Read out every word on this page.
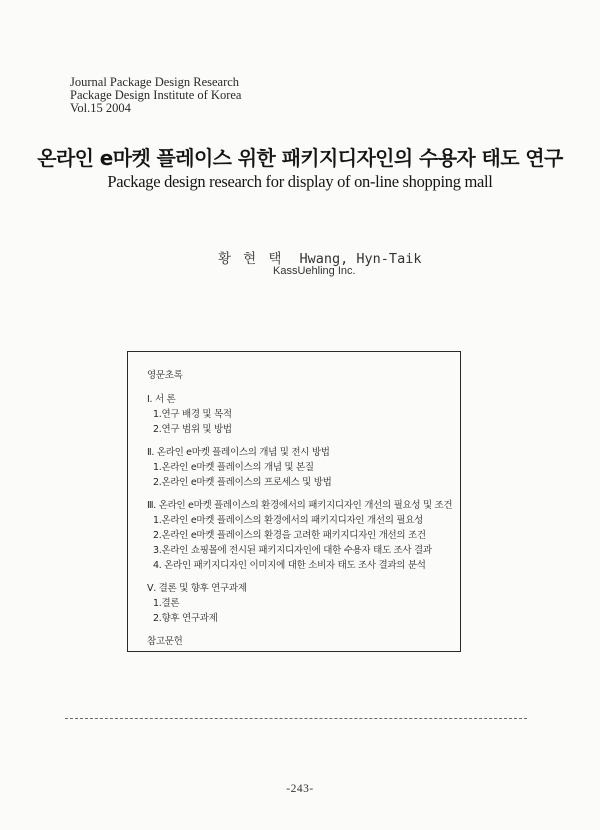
Journal Package Design Research
Package Design Institute of Korea
Vol.15 2004
온라인 e마켓 플레이스 위한 패키지디자인의 수용자 태도 연구
Package design research for display of on-line shopping mall
황 현 택 Hwang, Hyn-Taik
KassUehling Inc.
영문초록
Ⅰ. 서 론
1.연구 배경 및 목적
2.연구 범위 및 방법
Ⅱ. 온라인 e마켓 플레이스의 개념 및 전시 방법
1.온라인 e마켓 플레이스의 개념 및 본질
2.온라인 e마켓 플레이스의 프로세스 및 방법
Ⅲ. 온라인 e마켓 플레이스의 환경에서의 패키지디자인 개선의 필요성 및 조건
1.온라인 e마켓 플레이스의 환경에서의 패키지디자인 개선의 필요성
2.온라인 e마켓 플레이스의 환경을 고려한 패키지디자인 개선의 조건
3.온라인 쇼핑몰에 전시된 패키지디자인에 대한 수용자 태도 조사 결과
4. 온라인 패키지디자인 이미지에 대한 소비자 태도 조사 결과의 분석
Ⅴ. 결론 및 향후 연구과제
1.결론
2.향후 연구과제
참고문헌
-243-
